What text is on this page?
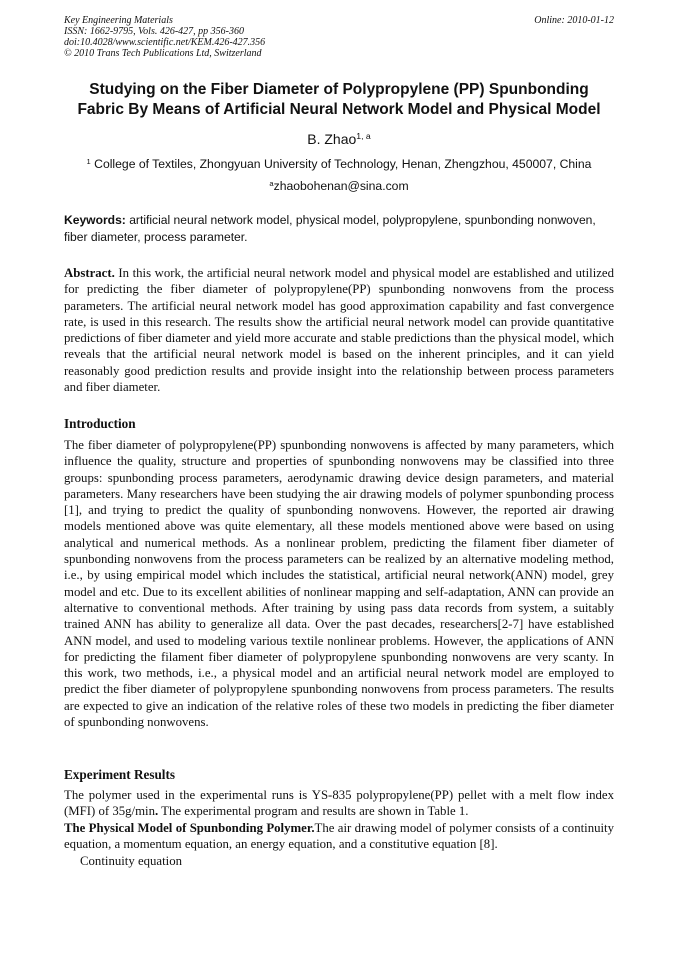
Key Engineering Materials
ISSN: 1662-9795, Vols. 426-427, pp 356-360
doi:10.4028/www.scientific.net/KEM.426-427.356
© 2010 Trans Tech Publications Ltd, Switzerland
Online: 2010-01-12
Studying on the Fiber Diameter of Polypropylene (PP) Spunbonding
Fabric By Means of Artificial Neural Network Model and Physical Model
B. Zhao$^{1, a}$
$^1$ College of Textiles, Zhongyuan University of Technology, Henan, Zhengzhou, 450007, China
$^a$zhaobohenan@sina.com
Keywords: artificial neural network model, physical model, polypropylene, spunbonding nonwoven, fiber diameter, process parameter.
Abstract. In this work, the artificial neural network model and physical model are established and utilized for predicting the fiber diameter of polypropylene(PP) spunbonding nonwovens from the process parameters. The artificial neural network model has good approximation capability and fast convergence rate, is used in this research. The results show the artificial neural network model can provide quantitative predictions of fiber diameter and yield more accurate and stable predictions than the physical model, which reveals that the artificial neural network model is based on the inherent principles, and it can yield reasonably good prediction results and provide insight into the relationship between process parameters and fiber diameter.
Introduction
The fiber diameter of polypropylene(PP) spunbonding nonwovens is affected by many parameters, which influence the quality, structure and properties of spunbonding nonwovens may be classified into three groups: spunbonding process parameters, aerodynamic drawing device design parameters, and material parameters. Many researchers have been studying the air drawing models of polymer spunbonding process [1], and trying to predict the quality of spunbonding nonwovens. However, the reported air drawing models mentioned above was quite elementary, all these models mentioned above were based on using analytical and numerical methods. As a nonlinear problem, predicting the filament fiber diameter of spunbonding nonwovens from the process parameters can be realized by an alternative modeling method, i.e., by using empirical model which includes the statistical, artificial neural network(ANN) model, grey model and etc. Due to its excellent abilities of nonlinear mapping and self-adaptation, ANN can provide an alternative to conventional methods. After training by using pass data records from system, a suitably trained ANN has ability to generalize all data. Over the past decades, researchers[2-7] have established ANN model, and used to modeling various textile nonlinear problems. However, the applications of ANN for predicting the filament fiber diameter of polypropylene spunbonding nonwovens are very scanty. In this work, two methods, i.e., a physical model and an artificial neural network model are employed to predict the fiber diameter of polypropylene spunbonding nonwovens from process parameters. The results are expected to give an indication of the relative roles of these two models in predicting the fiber diameter of spunbonding nonwovens.
Experiment Results
The polymer used in the experimental runs is YS-835 polypropylene(PP) pellet with a melt flow index (MFI) of 35g/min. The experimental program and results are shown in Table 1.
The Physical Model of Spunbonding Polymer.The air drawing model of polymer consists of a continuity equation, a momentum equation, an energy equation, and a constitutive equation [8].
Continuity equation
